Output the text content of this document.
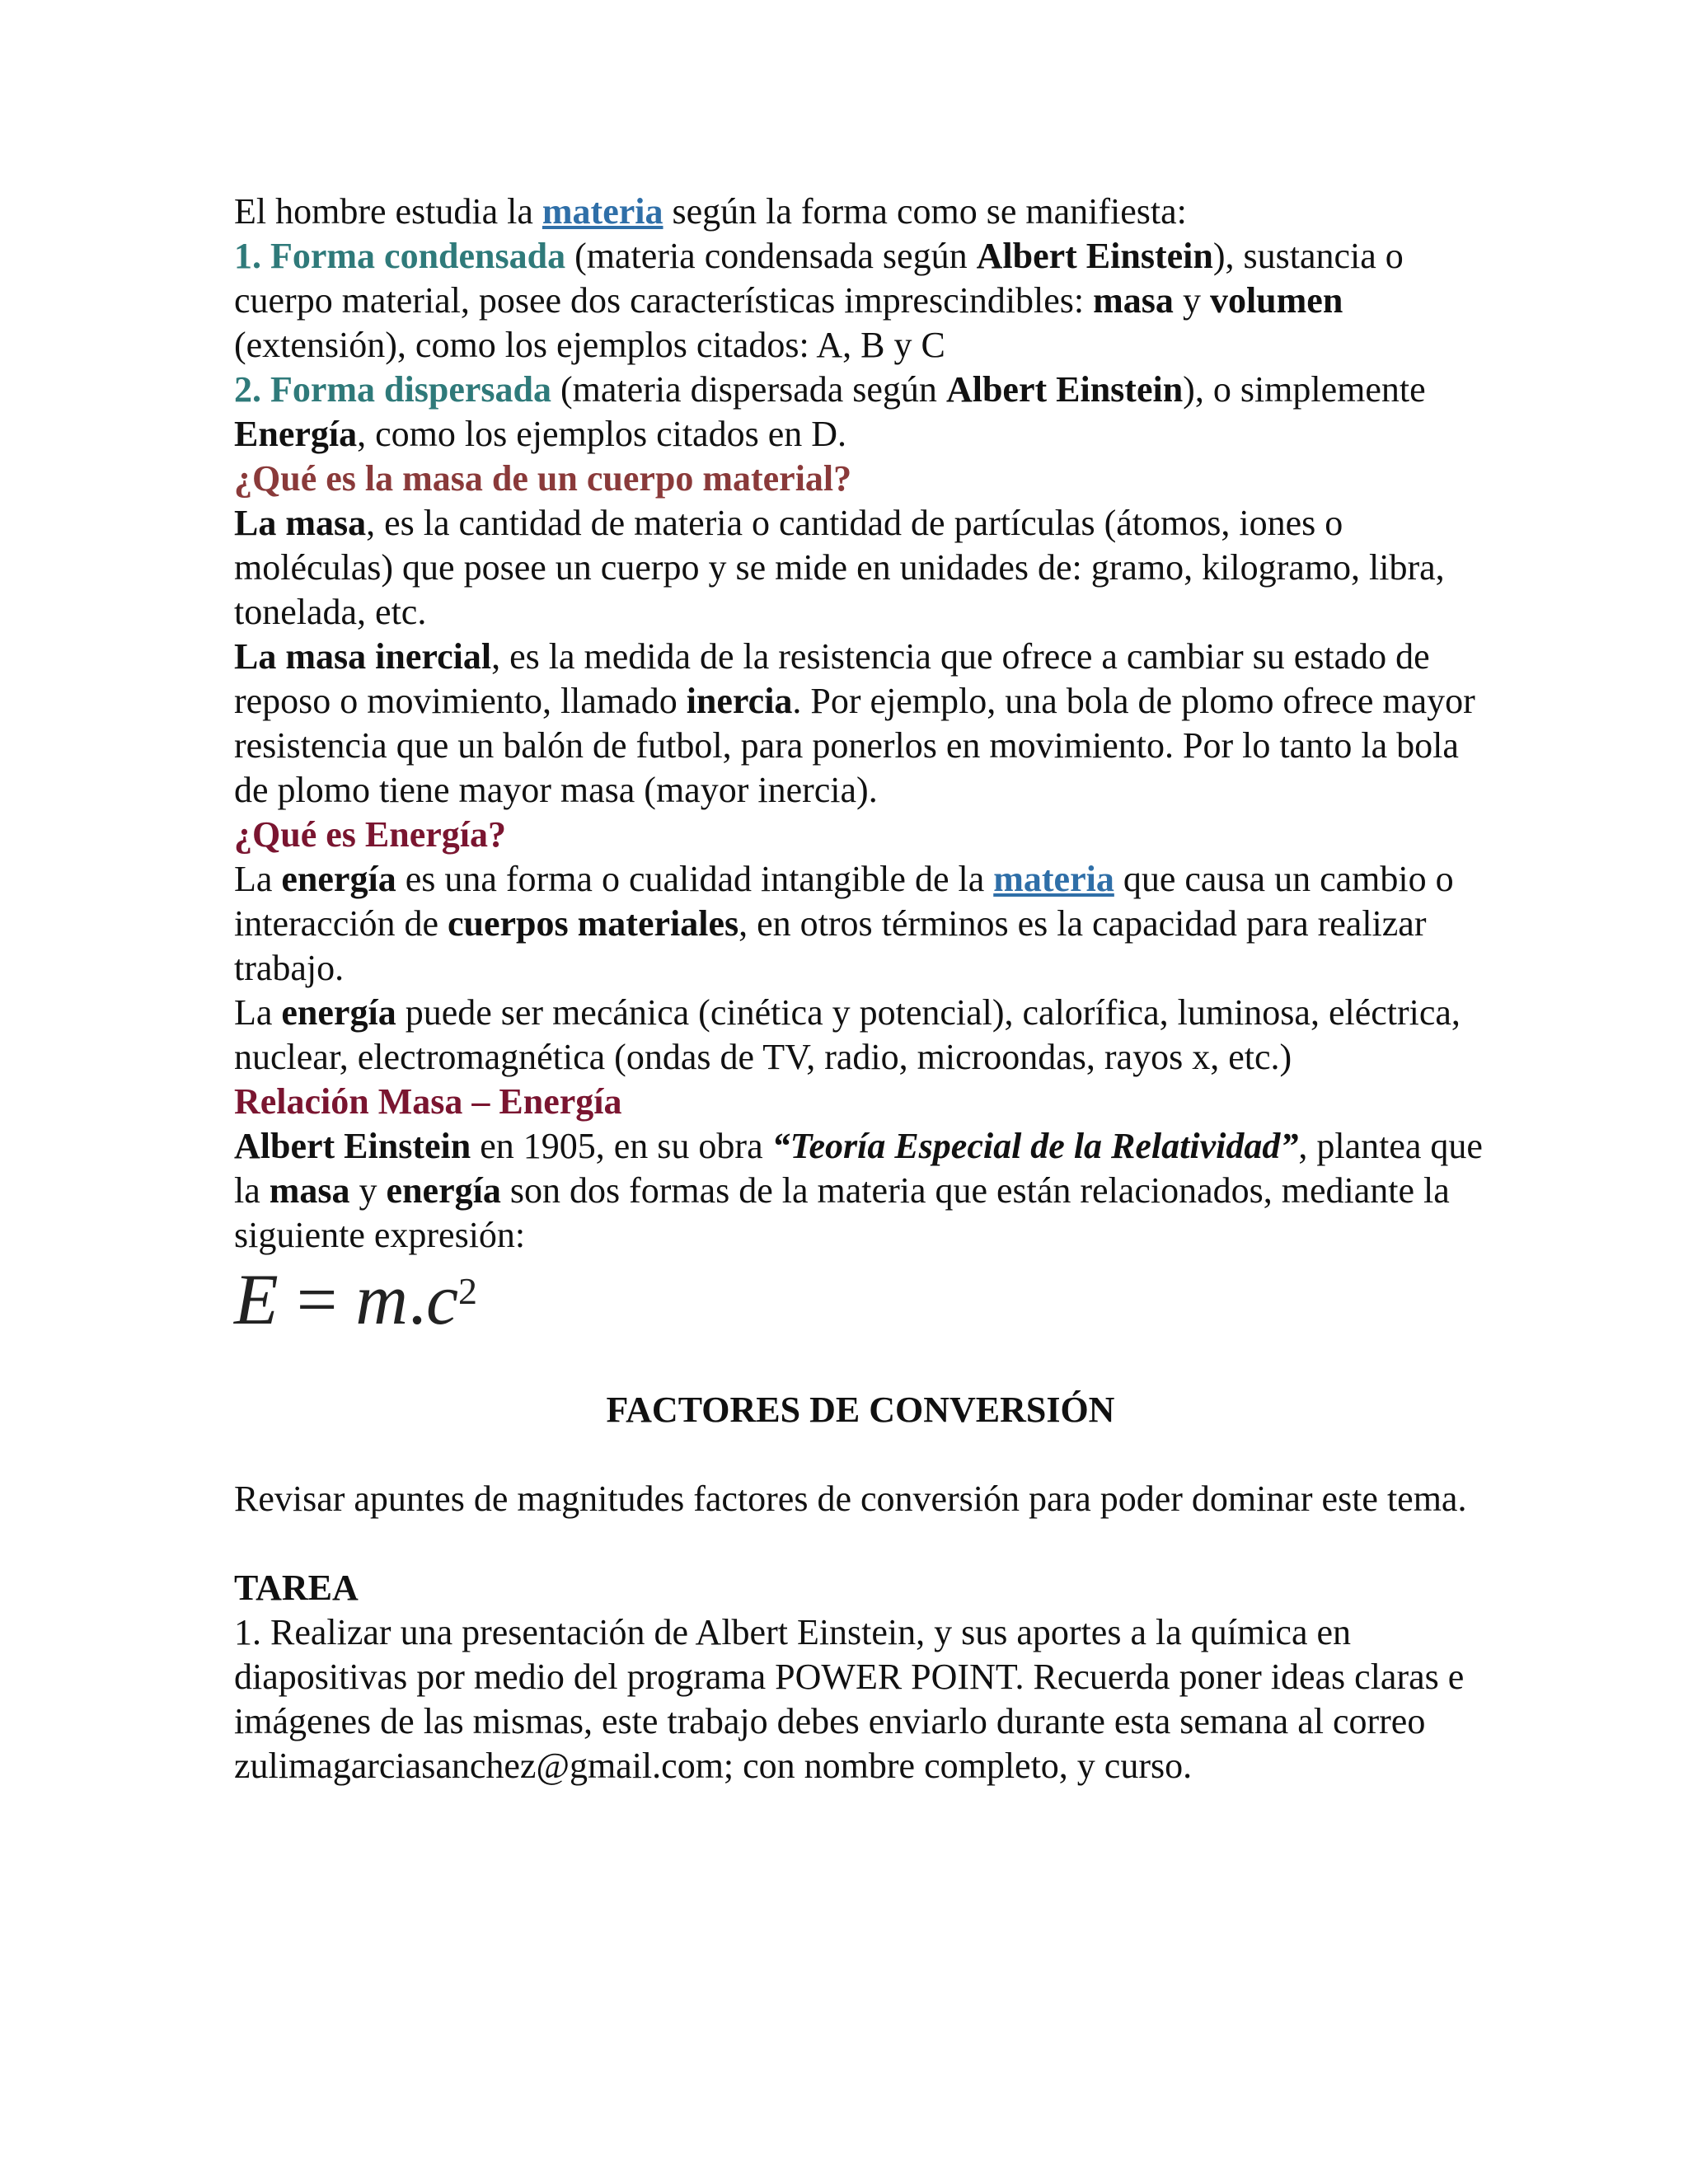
El hombre estudia la materia según la forma como se manifiesta:

1. Forma condensada (materia condensada según Albert Einstein), sustancia o cuerpo material, posee dos características imprescindibles: masa y volumen (extensión), como los ejemplos citados: A, B y C

2. Forma dispersada (materia dispersada según Albert Einstein), o simplemente Energía, como los ejemplos citados en D.

¿Qué es la masa de un cuerpo material?

La masa, es la cantidad de materia o cantidad de partículas (átomos, iones o moléculas) que posee un cuerpo y se mide en unidades de: gramo, kilogramo, libra, tonelada, etc.

La masa inercial, es la medida de la resistencia que ofrece a cambiar su estado de reposo o movimiento, llamado inercia. Por ejemplo, una bola de plomo ofrece mayor resistencia que un balón de futbol, para ponerlos en movimiento. Por lo tanto la bola de plomo tiene mayor masa (mayor inercia).

¿Qué es Energía?

La energía es una forma o cualidad intangible de la materia que causa un cambio o interacción de cuerpos materiales, en otros términos es la capacidad para realizar trabajo.

La energía puede ser mecánica (cinética y potencial), calorífica, luminosa, eléctrica, nuclear, electromagnética (ondas de TV, radio, microondas, rayos x, etc.)

Relación Masa – Energía

Albert Einstein en 1905, en su obra “Teoría Especial de la Relatividad”, plantea que la masa y energía son dos formas de la materia que están relacionados, mediante la siguiente expresión:

$E = m.c^2$

FACTORES DE CONVERSIÓN

Revisar apuntes de magnitudes factores de conversión para poder dominar este tema.

TAREA

1. Realizar una presentación de Albert Einstein, y sus aportes a la química en diapositivas por medio del programa POWER POINT. Recuerda poner ideas claras e imágenes de las mismas, este trabajo debes enviarlo durante esta semana al correo zulimagarciasanchez@gmail.com; con nombre completo, y curso.
